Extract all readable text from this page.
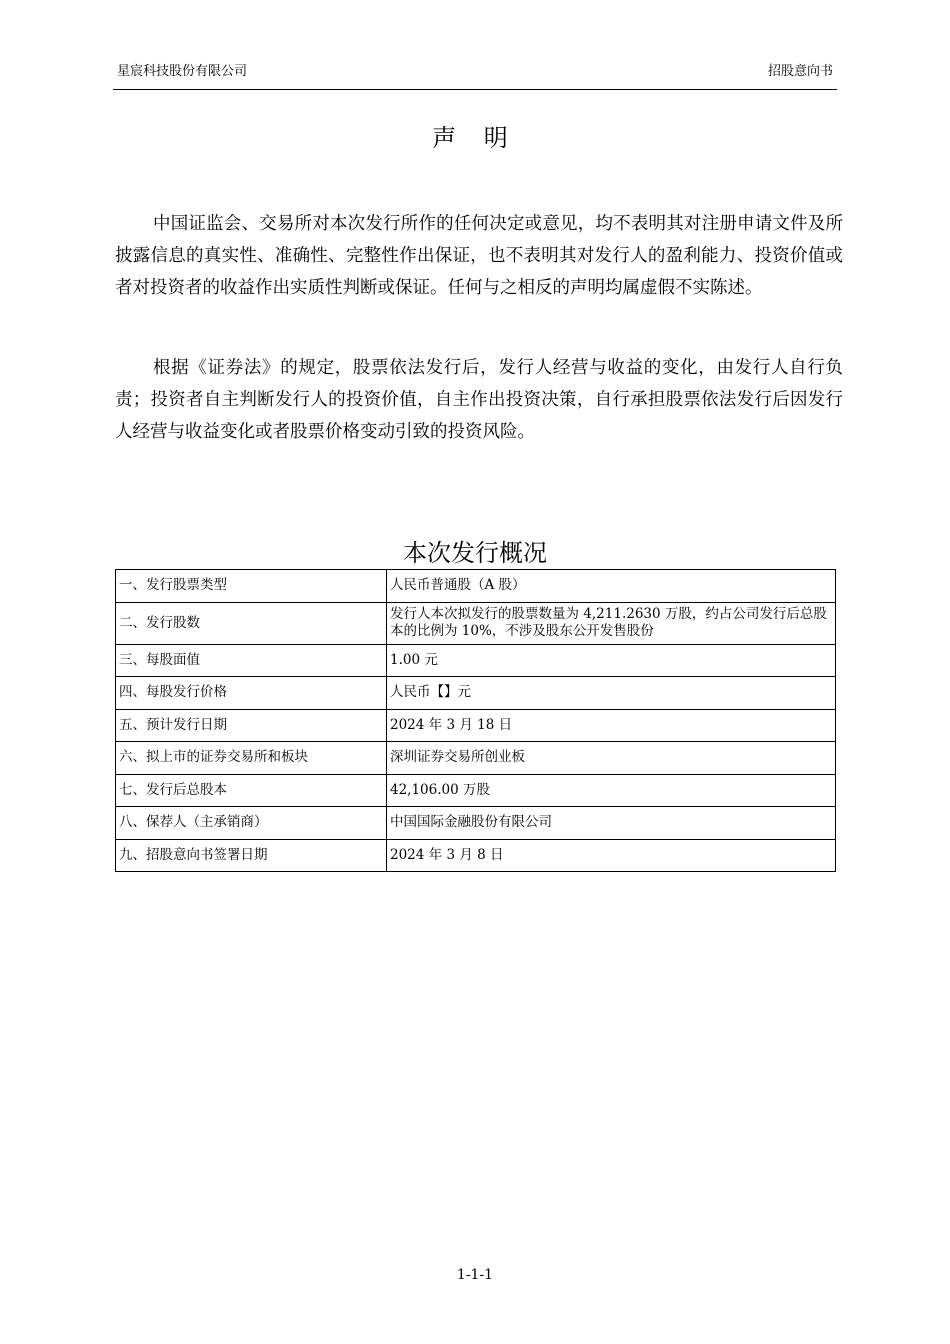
星宸科技股份有限公司	招股意向书
声 明

中国证监会、交易所对本次发行所作的任何决定或意见，均不表明其对注册申请文件及所披露信息的真实性、准确性、完整性作出保证，也不表明其对发行人的盈利能力、投资价值或者对投资者的收益作出实质性判断或保证。任何与之相反的声明均属虚假不实陈述。

根据《证券法》的规定，股票依法发行后，发行人经营与收益的变化，由发行人自行负责；投资者自主判断发行人的投资价值，自主作出投资决策，自行承担股票依法发行后因发行人经营与收益变化或者股票价格变动引致的投资风险。

本次发行概况
一、发行股票类型	人民币普通股（A 股）
二、发行股数	发行人本次拟发行的股票数量为 4,211.2630 万股，约占公司发行后总股本的比例为 10%，不涉及股东公开发售股份
三、每股面值	1.00 元
四、每股发行价格	人民币【】元
五、预计发行日期	2024 年 3 月 18 日
六、拟上市的证券交易所和板块	深圳证券交易所创业板
七、发行后总股本	42,106.00 万股
八、保荐人（主承销商）	中国国际金融股份有限公司
九、招股意向书签署日期	2024 年 3 月 8 日
1-1-1
